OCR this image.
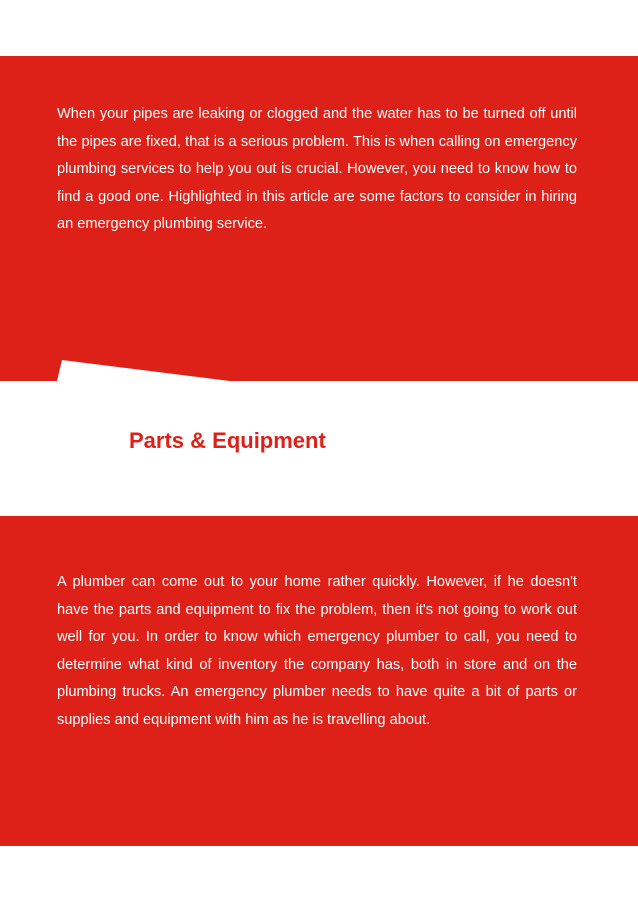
When your pipes are leaking or clogged and the water has to be turned off until the pipes are fixed, that is a serious problem. This is when calling on emergency plumbing services to help you out is crucial. However, you need to know how to find a good one. Highlighted in this article are some factors to consider in hiring an emergency plumbing service.

Parts & Equipment

A plumber can come out to your home rather quickly. However, if he doesn't have the parts and equipment to fix the problem, then it's not going to work out well for you. In order to know which emergency plumber to call, you need to determine what kind of inventory the company has, both in store and on the plumbing trucks. An emergency plumber needs to have quite a bit of parts or supplies and equipment with him as he is travelling about.
